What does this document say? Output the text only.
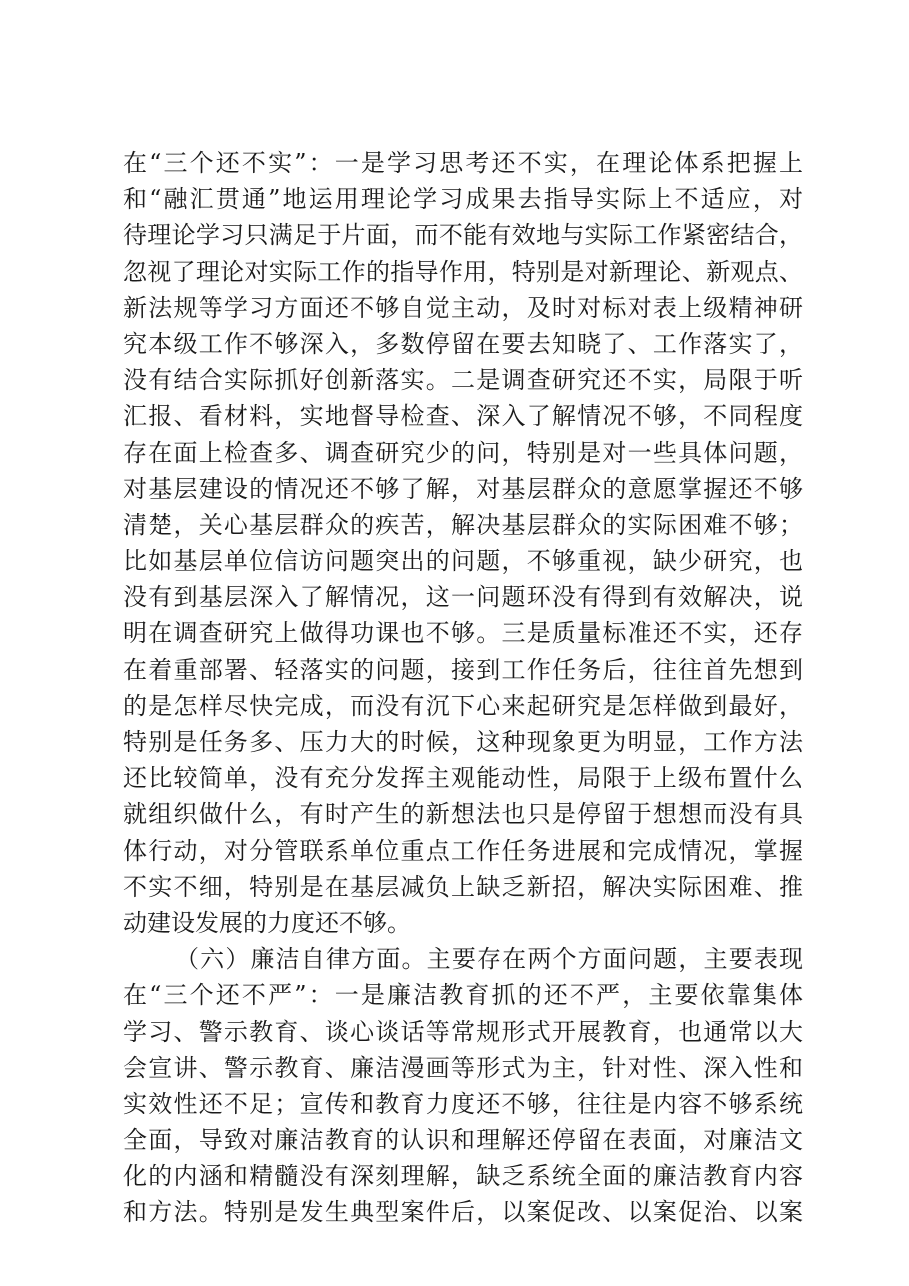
在“三个还不实”：一是学习思考还不实，在理论体系把握上
和“融汇贯通”地运用理论学习成果去指导实际上不适应，对
待理论学习只满足于片面，而不能有效地与实际工作紧密结合，
忽视了理论对实际工作的指导作用，特别是对新理论、新观点、
新法规等学习方面还不够自觉主动，及时对标对表上级精神研
究本级工作不够深入，多数停留在要去知晓了、工作落实了，
没有结合实际抓好创新落实。二是调查研究还不实，局限于听
汇报、看材料，实地督导检查、深入了解情况不够，不同程度
存在面上检查多、调查研究少的问，特别是对一些具体问题，
对基层建设的情况还不够了解，对基层群众的意愿掌握还不够
清楚，关心基层群众的疾苦，解决基层群众的实际困难不够；
比如基层单位信访问题突出的问题，不够重视，缺少研究，也
没有到基层深入了解情况，这一问题环没有得到有效解决，说
明在调查研究上做得功课也不够。三是质量标准还不实，还存
在着重部署、轻落实的问题，接到工作任务后，往往首先想到
的是怎样尽快完成，而没有沉下心来起研究是怎样做到最好，
特别是任务多、压力大的时候，这种现象更为明显，工作方法
还比较简单，没有充分发挥主观能动性，局限于上级布置什么
就组织做什么，有时产生的新想法也只是停留于想想而没有具
体行动，对分管联系单位重点工作任务进展和完成情况，掌握
不实不细，特别是在基层减负上缺乏新招，解决实际困难、推
动建设发展的力度还不够。
（六）廉洁自律方面。主要存在两个方面问题，主要表现
在“三个还不严”：一是廉洁教育抓的还不严，主要依靠集体
学习、警示教育、谈心谈话等常规形式开展教育，也通常以大
会宣讲、警示教育、廉洁漫画等形式为主，针对性、深入性和
实效性还不足；宣传和教育力度还不够，往往是内容不够系统
全面，导致对廉洁教育的认识和理解还停留在表面，对廉洁文
化的内涵和精髓没有深刻理解，缺乏系统全面的廉洁教育内容
和方法。特别是发生典型案件后，以案促改、以案促治、以案
